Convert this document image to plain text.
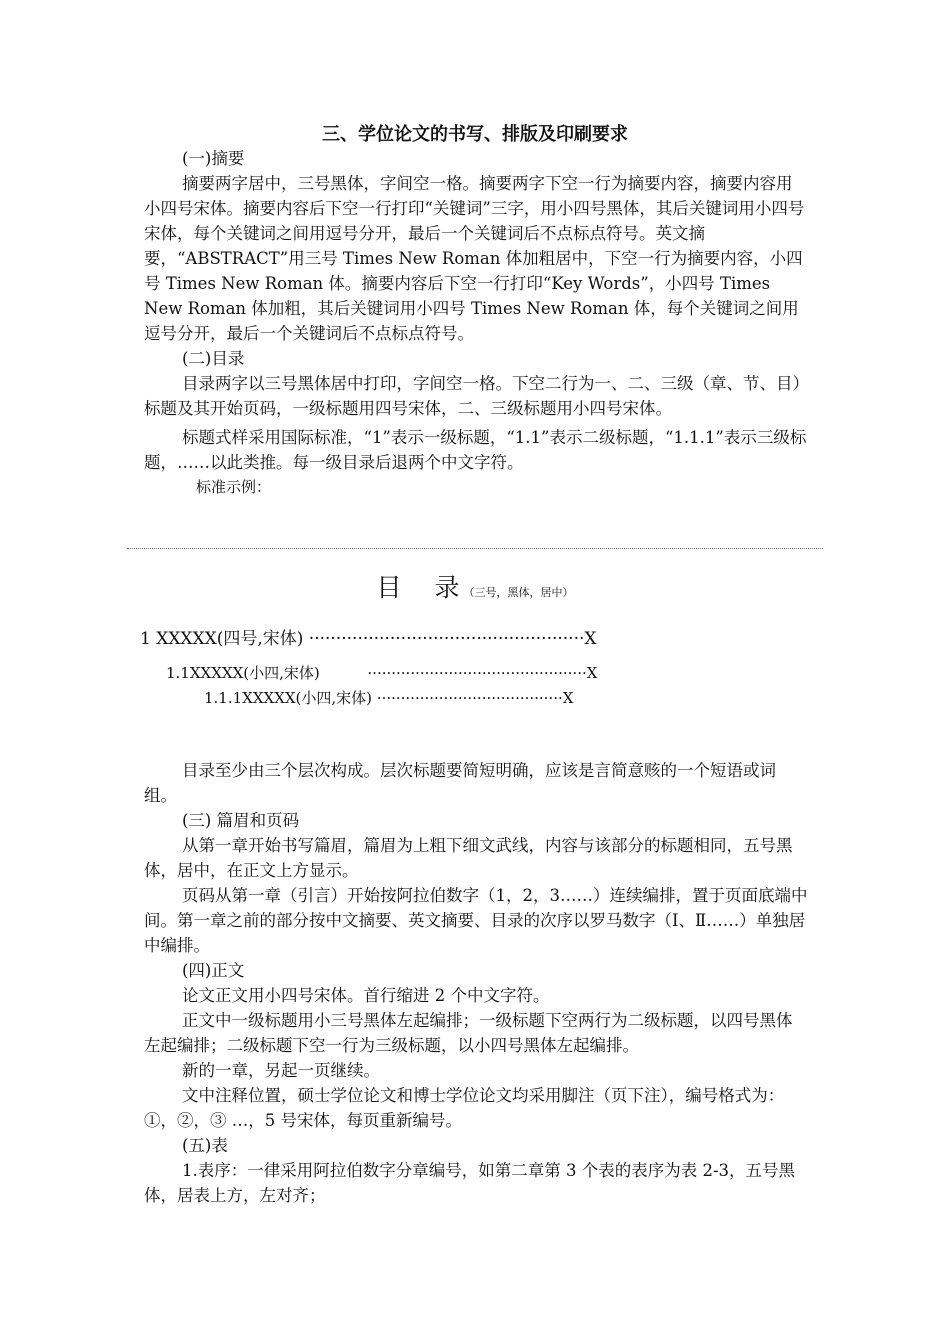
三、学位论文的书写、排版及印刷要求
(一)摘要

摘要两字居中，三号黑体，字间空一格。摘要两字下空一行为摘要内容，摘要内容用小四号宋体。摘要内容后下空一行打印“关键词”三字，用小四号黑体，其后关键词用小四号宋体，每个关键词之间用逗号分开，最后一个关键词后不点标点符号。英文摘要，“ABSTRACT”用三号 Times New Roman 体加粗居中，下空一行为摘要内容，小四号 Times New Roman 体。摘要内容后下空一行打印“Key Words”，小四号 Times New Roman 体加粗，其后关键词用小四号 Times New Roman 体，每个关键词之间用逗号分开，最后一个关键词后不点标点符号。

(二)目录

目录两字以三号黑体居中打印，字间空一格。下空二行为一、二、三级（章、节、目）标题及其开始页码，一级标题用四号宋体，二、三级标题用小四号宋体。

标题式样采用国际标准，“1”表示一级标题，“1.1”表示二级标题，“1.1.1”表示三级标题，……以此类推。每一级目录后退两个中文字符。

标准示例：
目　录（三号，黑体，居中）
1 XXXXX(四号,宋体) ···················································X
1.1XXXXX(小四,宋体)          ··············································X
1.1.1XXXXX(小四,宋体) ·······································X

目录至少由三个层次构成。层次标题要简短明确，应该是言简意赅的一个短语或词组。

(三) 篇眉和页码

从第一章开始书写篇眉，篇眉为上粗下细文武线，内容与该部分的标题相同，五号黑体，居中，在正文上方显示。

页码从第一章（引言）开始按阿拉伯数字（1，2，3……）连续编排，置于页面底端中间。第一章之前的部分按中文摘要、英文摘要、目录的次序以罗马数字（Ⅰ、Ⅱ……）单独居中编排。

(四)正文

论文正文用小四号宋体。首行缩进 2 个中文字符。

正文中一级标题用小三号黑体左起编排；一级标题下空两行为二级标题，以四号黑体左起编排；二级标题下空一行为三级标题，以小四号黑体左起编排。

新的一章，另起一页继续。

文中注释位置，硕士学位论文和博士学位论文均采用脚注（页下注），编号格式为：①，②，③ …，5 号宋体，每页重新编号。

(五)表

1.表序：一律采用阿拉伯数字分章编号，如第二章第 3 个表的表序为表 2-3，五号黑体，居表上方，左对齐；
